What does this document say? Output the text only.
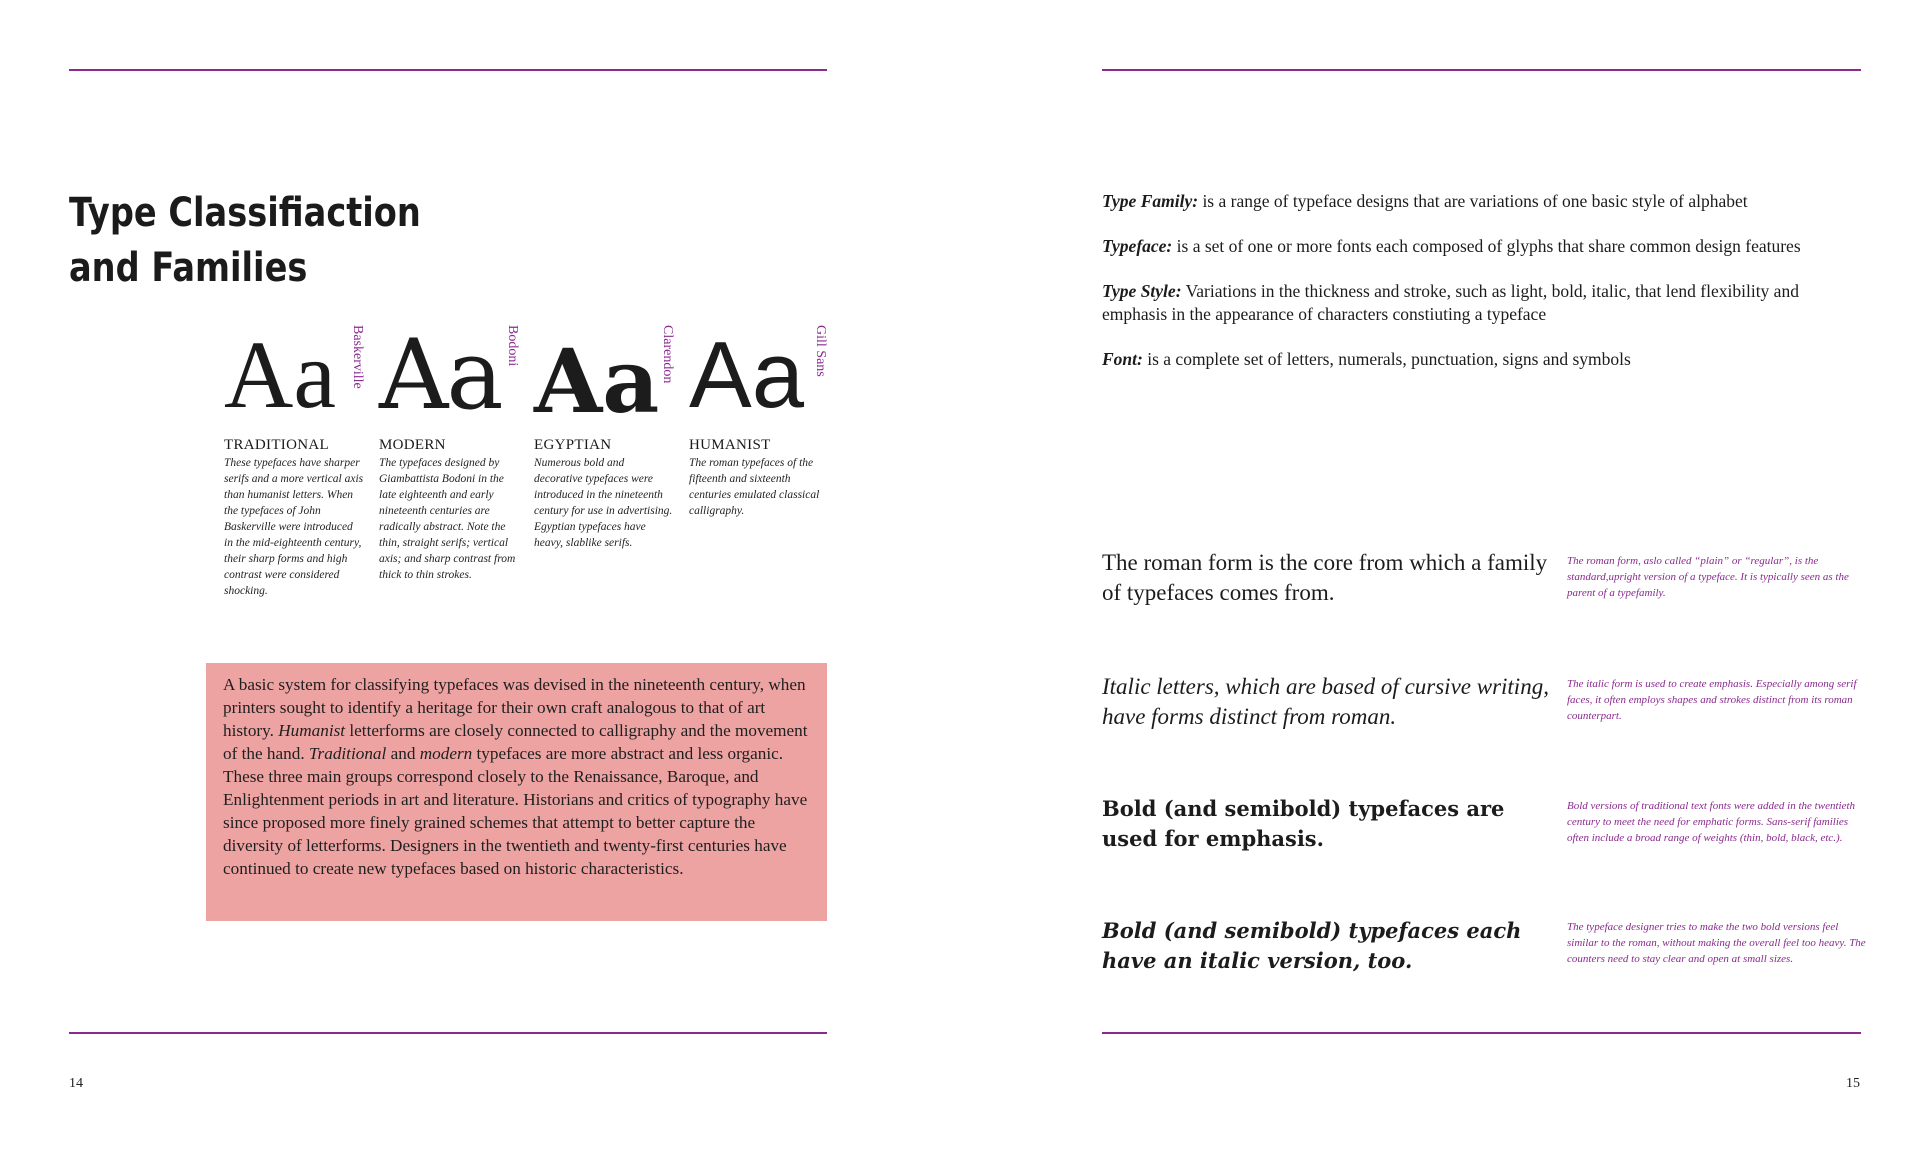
Type Classifiaction
and Families
Aa Baskerville
TRADITIONAL
These typefaces have sharper serifs and a more vertical axis than humanist letters. When the typefaces of John Baskerville were introduced in the mid-eighteenth century, their sharp forms and high contrast were considered shocking.
Aa Bodoni
MODERN
The typefaces designed by Giambattista Bodoni in the late eighteenth and early nineteenth centuries are radically abstract. Note the thin, straight serifs; vertical axis; and sharp contrast from thick to thin strokes.
Aa Clarendon
EGYPTIAN
Numerous bold and decorative typefaces were introduced in the nineteenth century for use in advertising. Egyptian typefaces have heavy, slablike serifs.
Aa Gill Sans
HUMANIST
The roman typefaces of the fifteenth and sixteenth centuries emulated classical calligraphy.

A basic system for classifying typefaces was devised in the nineteenth century, when printers sought to identify a heritage for their own craft analogous to that of art history. Humanist letterforms are closely connected to calligraphy and the movement of the hand. Traditional and modern typefaces are more abstract and less organic. These three main groups correspond closely to the Renaissance, Baroque, and Enlightenment periods in art and literature. Historians and critics of typography have since proposed more finely grained schemes that attempt to better capture the diversity of letterforms. Designers in the twentieth and twenty-first centuries have continued to create new typefaces based on historic characteristics.

14

Type Family: is a range of typeface designs that are variations of one basic style of alphabet

Typeface: is a set of one or more fonts each composed of glyphs that share common design features

Type Style: Variations in the thickness and stroke, such as light, bold, italic, that lend flexibility and emphasis in the appearance of characters constiuting a typeface

Font: is a complete set of letters, numerals, punctuation, signs and symbols

The roman form is the core from which a family of typefaces comes from.
The roman form, aslo called “plain” or “regular”, is the standard,upright version of a typeface. It is typically seen as the parent of a typefamily.
Italic letters, which are based of cursive writing, have forms distinct from roman.
The italic form is used to create emphasis. Especially among serif faces, it often employs shapes and strokes distinct from its roman counterpart.
Bold (and semibold) typefaces are used for emphasis.
Bold versions of traditional text fonts were added in the twentieth century to meet the need for emphatic forms. Sans-serif families often include a broad range of weights (thin, bold, black, etc.).
Bold (and semibold) typefaces each have an italic version, too.
The typeface designer tries to make the two bold versions feel similar to the roman, without making the overall feel too heavy. The counters need to stay clear and open at small sizes.
15
